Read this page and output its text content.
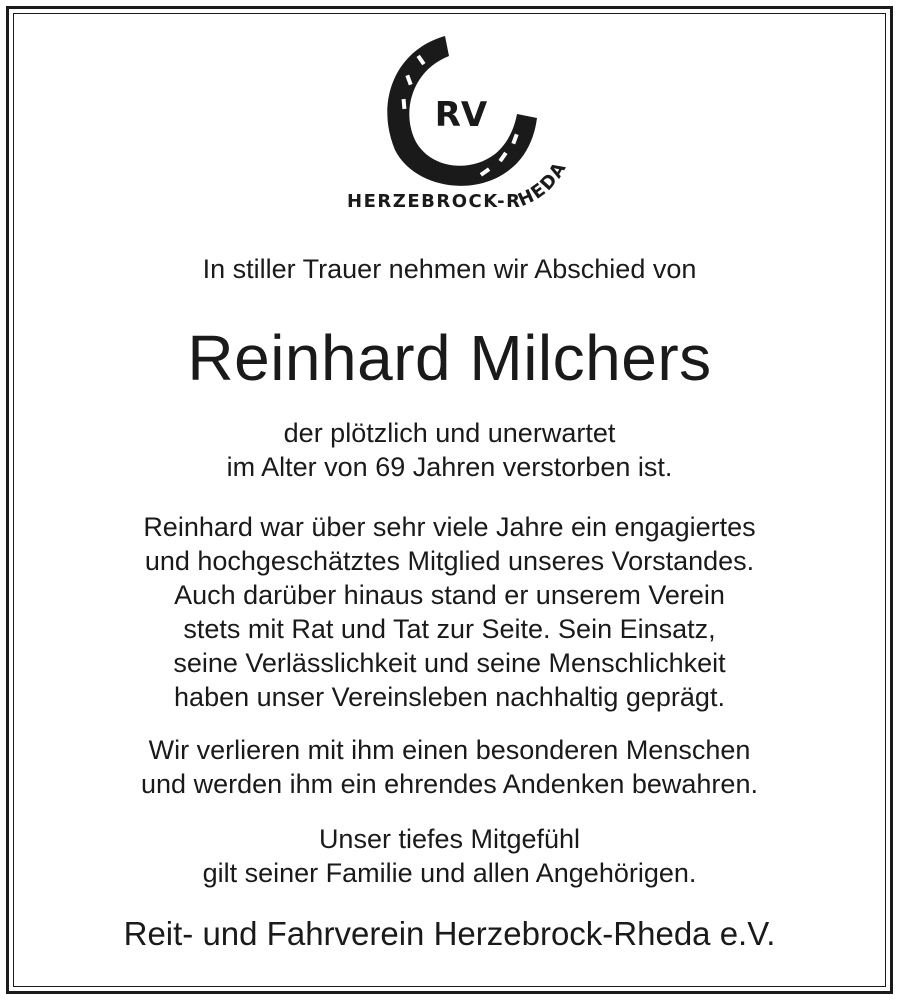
RV
HERZEBROCK-RHEDA
In stiller Trauer nehmen wir Abschied von
Reinhard Milchers
der plötzlich und unerwartet
im Alter von 69 Jahren verstorben ist.
Reinhard war über sehr viele Jahre ein engagiertes
und hochgeschätztes Mitglied unseres Vorstandes.
Auch darüber hinaus stand er unserem Verein
stets mit Rat und Tat zur Seite. Sein Einsatz,
seine Verlässlichkeit und seine Menschlichkeit
haben unser Vereinsleben nachhaltig geprägt.
Wir verlieren mit ihm einen besonderen Menschen
und werden ihm ein ehrendes Andenken bewahren.
Unser tiefes Mitgefühl
gilt seiner Familie und allen Angehörigen.
Reit- und Fahrverein Herzebrock-Rheda e.V.
